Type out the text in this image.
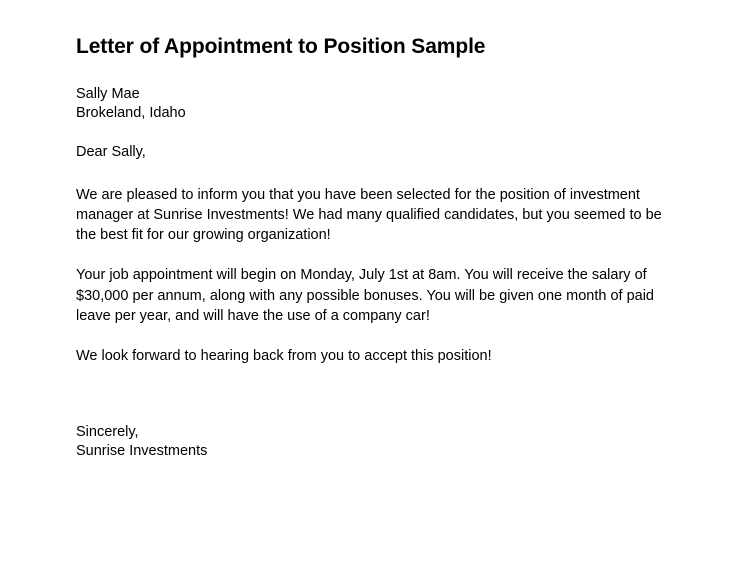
Letter of Appointment to Position Sample
Sally Mae
Brokeland, Idaho
Dear Sally,

We are pleased to inform you that you have been selected for the position of investment manager at Sunrise Investments! We had many qualified candidates, but you seemed to be the best fit for our growing organization!

Your job appointment will begin on Monday, July 1st at 8am. You will receive the salary of $30,000 per annum, along with any possible bonuses. You will be given one month of paid leave per year, and will have the use of a company car!

We look forward to hearing back from you to accept this position!

Sincerely,
Sunrise Investments
